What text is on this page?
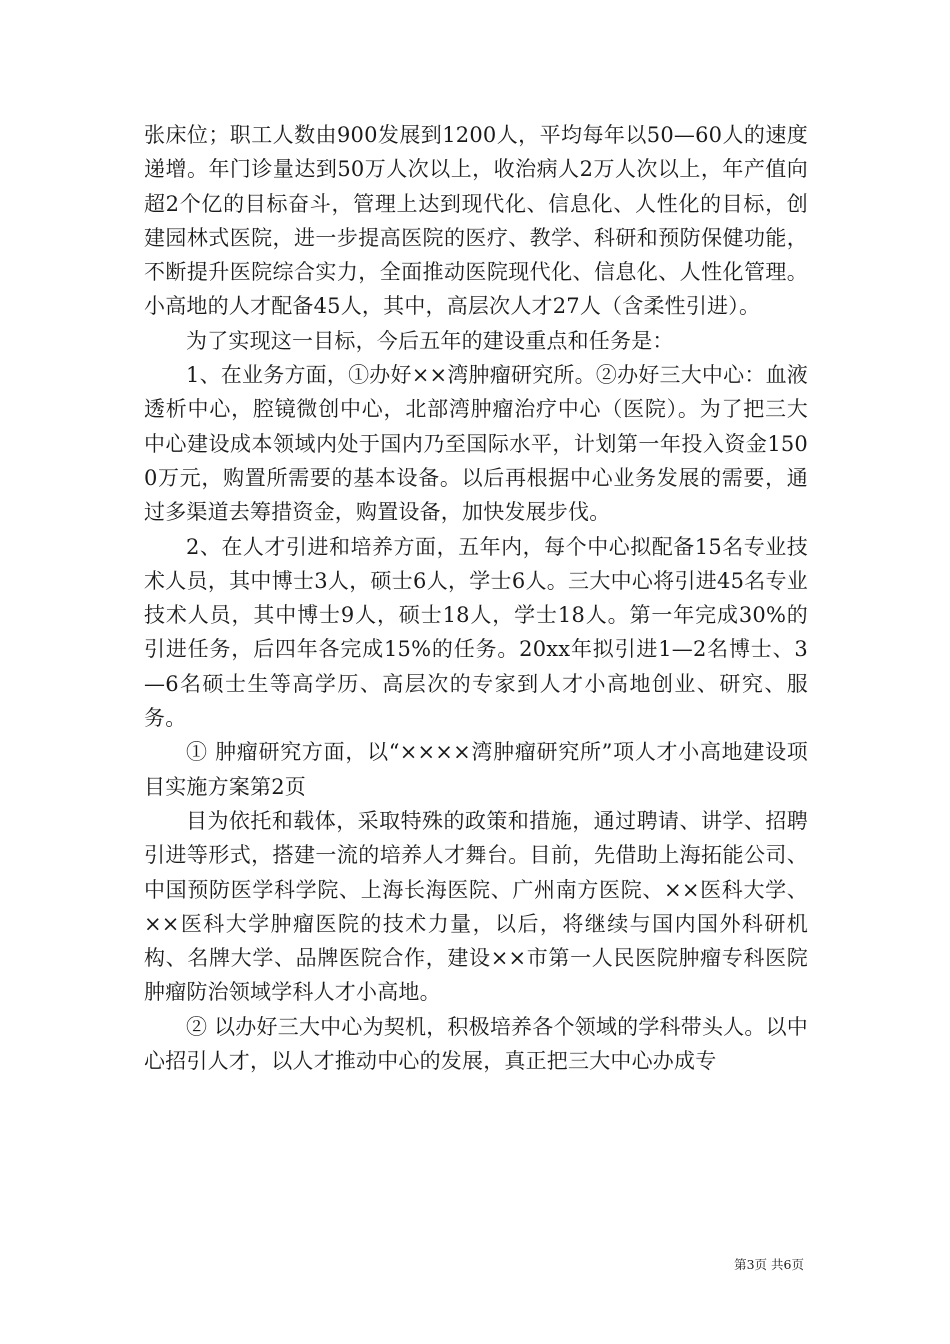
张床位；职工人数由900发展到1200人，平均每年以50—60人的速度递增。年门诊量达到50万人次以上，收治病人2万人次以上，年产值向超2个亿的目标奋斗，管理上达到现代化、信息化、人性化的目标，创建园林式医院，进一步提高医院的医疗、教学、科研和预防保健功能，不断提升医院综合实力，全面推动医院现代化、信息化、人性化管理。小高地的人才配备45人，其中，高层次人才27人（含柔性引进）。

为了实现这一目标，今后五年的建设重点和任务是：

1、在业务方面，①办好××湾肿瘤研究所。②办好三大中心：血液透析中心，腔镜微创中心，北部湾肿瘤治疗中心（医院）。为了把三大中心建设成本领域内处于国内乃至国际水平，计划第一年投入资金1500万元，购置所需要的基本设备。以后再根据中心业务发展的需要，通过多渠道去筹措资金，购置设备，加快发展步伐。

2、在人才引进和培养方面，五年内，每个中心拟配备15名专业技术人员，其中博士3人，硕士6人，学士6人。三大中心将引进45名专业技术人员，其中博士9人，硕士18人，学士18人。第一年完成30%的引进任务，后四年各完成15%的任务。20xx年拟引进1—2名博士、3—6名硕士生等高学历、高层次的专家到人才小高地创业、研究、服务。

① 肿瘤研究方面，以“××××湾肿瘤研究所”项人才小高地建设项目实施方案第2页

目为依托和载体，采取特殊的政策和措施，通过聘请、讲学、招聘引进等形式，搭建一流的培养人才舞台。目前，先借助上海拓能公司、中国预防医学科学院、上海长海医院、广州南方医院、××医科大学、××医科大学肿瘤医院的技术力量，以后，将继续与国内国外科研机构、名牌大学、品牌医院合作，建设××市第一人民医院肿瘤专科医院肿瘤防治领域学科人才小高地。

② 以办好三大中心为契机，积极培养各个领域的学科带头人。以中心招引人才，以人才推动中心的发展，真正把三大中心办成专

第3页 共6页
